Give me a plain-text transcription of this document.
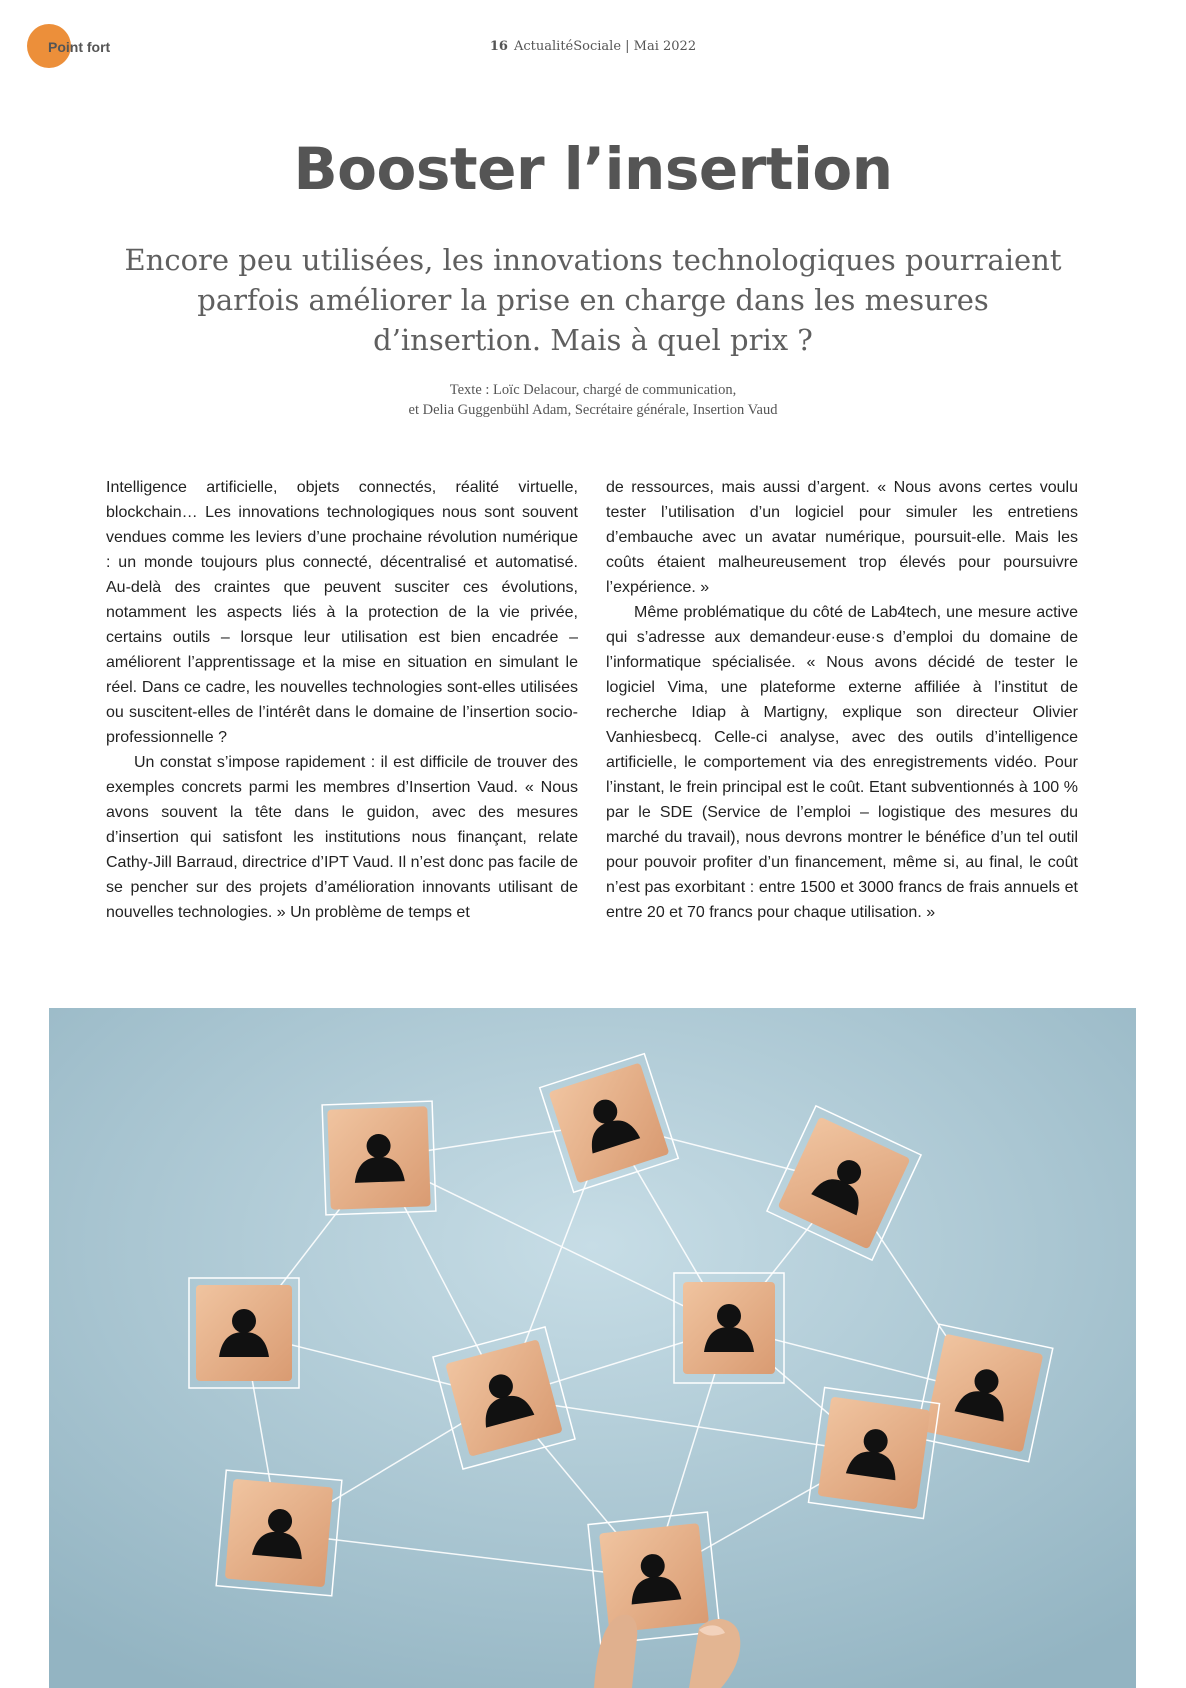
Point fort	16 ActualitéSociale | Mai 2022
Booster l’insertion

Encore peu utilisées, les innovations technologiques pourraient parfois améliorer la prise en charge dans les mesures d’insertion. Mais à quel prix ?

Texte : Loïc Delacour, chargé de communication,

et Delia Guggenbühl Adam, Secrétaire générale, Insertion Vaud

Intelligence artificielle, objets connectés, réalité virtuelle, blockchain… Les innovations technologiques nous sont souvent vendues comme les leviers d’une prochaine révolution numérique : un monde toujours plus connecté, décentralisé et automatisé. Au-delà des craintes que peuvent susciter ces évolutions, notamment les aspects liés à la protection de la vie privée, certains outils – lorsque leur utilisation est bien encadrée – améliorent l’apprentissage et la mise en situation en simulant le réel. Dans ce cadre, les nouvelles technologies sont-elles utilisées ou suscitent-elles de l’intérêt dans le domaine de l’insertion socioprofessionnelle ?

Un constat s’impose rapidement : il est difficile de trouver des exemples concrets parmi les membres d’Insertion Vaud. « Nous avons souvent la tête dans le guidon, avec des mesures d’insertion qui satisfont les institutions nous finançant, relate Cathy-Jill Barraud, directrice d’IPT Vaud. Il n’est donc pas facile de se pencher sur des projets d’amélioration innovants utilisant de nouvelles technologies. » Un problème de temps et

de ressources, mais aussi d’argent. « Nous avons certes voulu tester l’utilisation d’un logiciel pour simuler les entretiens d’embauche avec un avatar numérique, poursuit-elle. Mais les coûts étaient malheureusement trop élevés pour poursuivre l’expérience. »

Même problématique du côté de Lab4tech, une mesure active qui s’adresse aux demandeur·euse·s d’emploi du domaine de l’informatique spécialisée. « Nous avons décidé de tester le logiciel Vima, une plateforme externe affiliée à l’institut de recherche Idiap à Martigny, explique son directeur Olivier Vanhiesbecq. Celle-ci analyse, avec des outils d’intelligence artificielle, le comportement via des enregistrements vidéo. Pour l’instant, le frein principal est le coût. Etant subventionnés à 100 % par le SDE (Service de l’emploi – logistique des mesures du marché du travail), nous devrons montrer le bénéfice d’un tel outil pour pouvoir profiter d’un financement, même si, au final, le coût n’est pas exorbitant : entre 1500 et 3000 francs de frais annuels et entre 20 et 70 francs pour chaque utilisation. »
